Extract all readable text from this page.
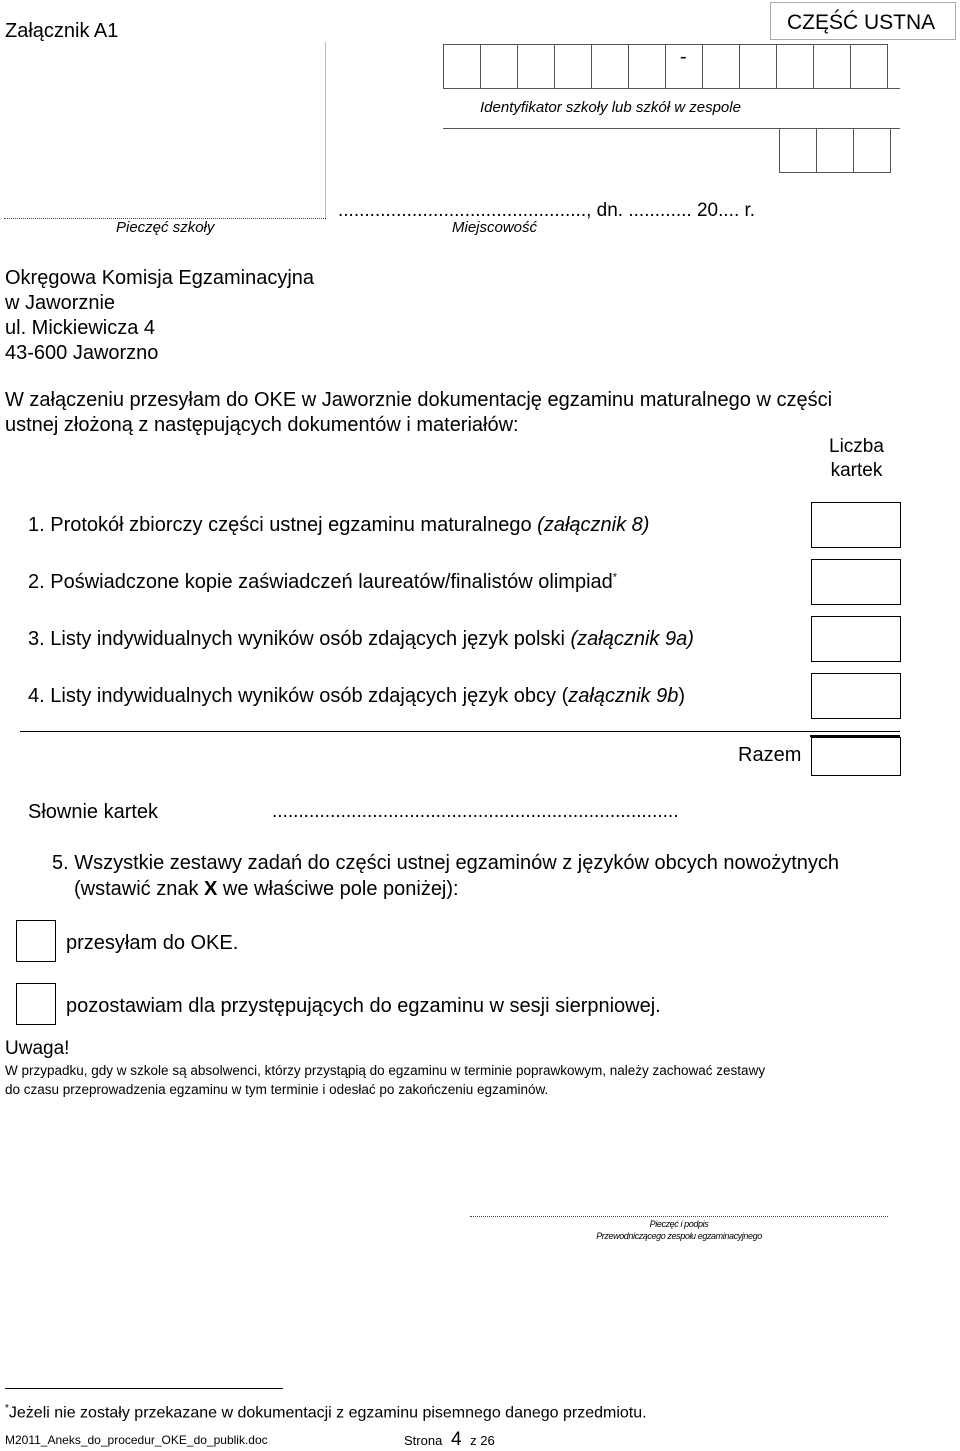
Załącznik A1	CZĘŚĆ USTNA
Pieczęć szkoły

-
Identyfikator szkoły lub szkół w zespole

..............................................., dn. ............ 20.... r.
Miejscowość
Okręgowa Komisja Egzaminacyjna
w Jaworznie
ul. Mickiewicza 4
43-600 Jaworzno
W załączeniu przesyłam do OKE w Jaworznie dokumentację egzaminu maturalnego w części
ustnej złożoną z następujących dokumentów i materiałów:
Liczba
kartek
1. Protokół zbiorczy części ustnej egzaminu maturalnego (załącznik 8)
2. Poświadczone kopie zaświadczeń laureatów/finalistów olimpiad*
3. Listy indywidualnych wyników osób zdających język polski (załącznik 9a)
4. Listy indywidualnych wyników osób zdających język obcy (załącznik 9b)
Razem
Słownie kartek	.............................................................................
5. Wszystkie zestawy zadań do części ustnej egzaminów z języków obcych nowożytnych
(wstawić znak X we właściwe pole poniżej):
przesyłam do OKE.
pozostawiam dla przystępujących do egzaminu w sesji sierpniowej.
Uwaga!
W przypadku, gdy w szkole są absolwenci, którzy przystąpią do egzaminu w terminie poprawkowym, należy zachować zestawy
do czasu przeprowadzenia egzaminu w tym terminie i odesłać po zakończeniu egzaminów.
Pieczęć i podpis
Przewodniczącego zespołu egzaminacyjnego
*Jeżeli nie zostały przekazane w dokumentacji z egzaminu pisemnego danego przedmiotu.
M2011_Aneks_do_procedur_OKE_do_publik.doc	Strona 4 z 26
